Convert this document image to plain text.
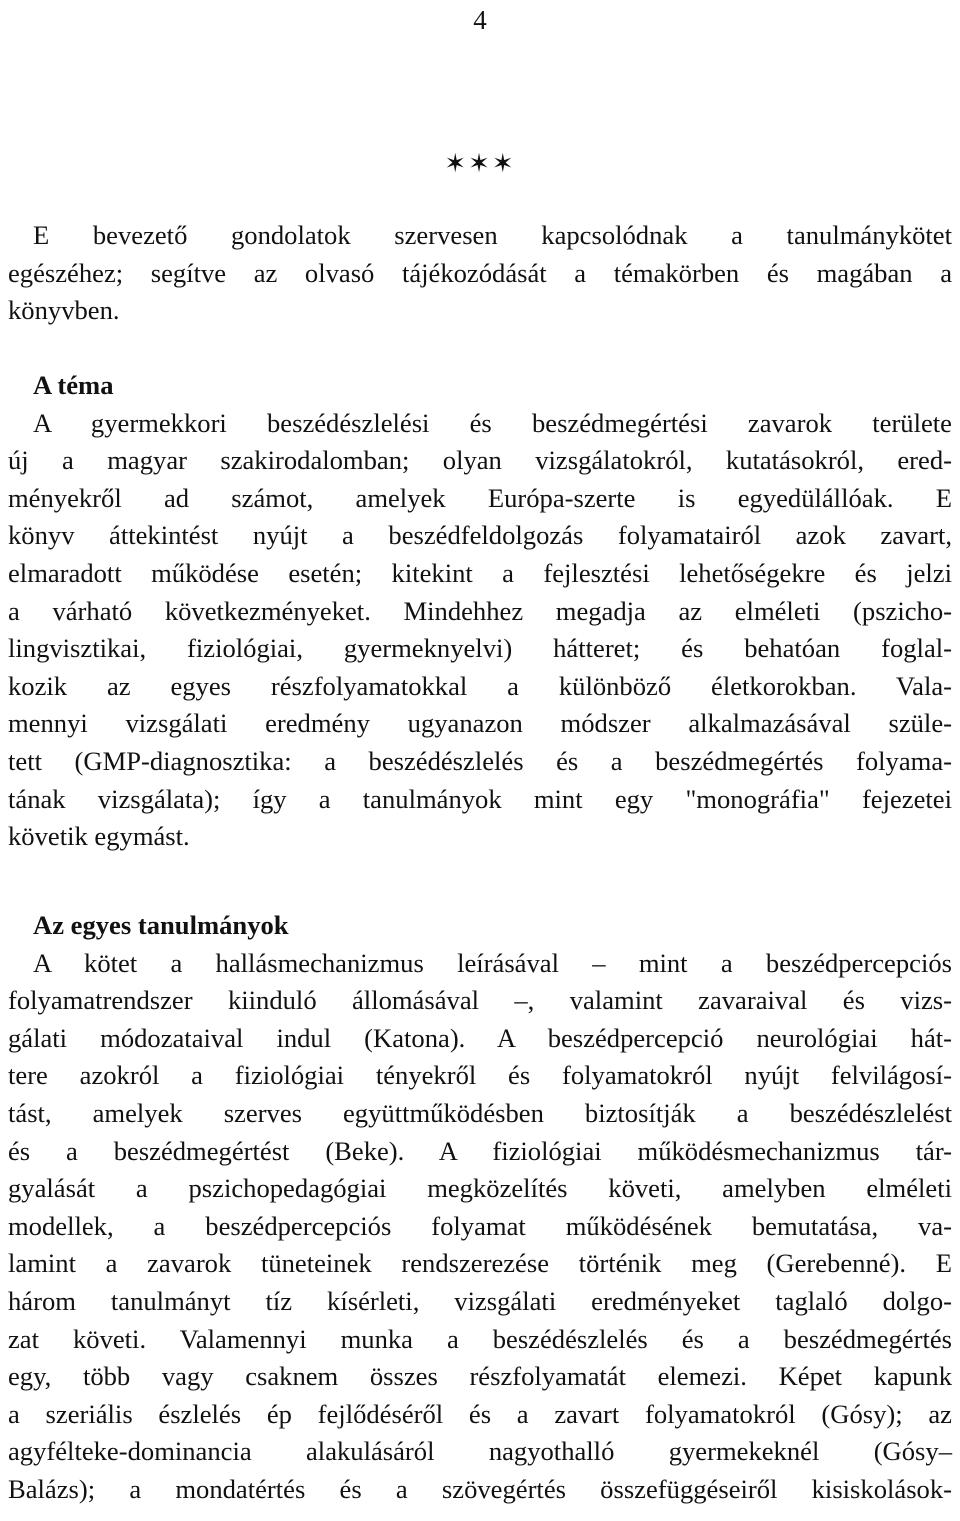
4
✶✶✶
E bevezető gondolatok szervesen kapcsolódnak a tanulmánykötet
egészéhez; segítve az olvasó tájékozódását a témakörben és magában a
könyvben.
A téma
A gyermekkori beszédészlelési és beszédmegértési zavarok területe
új a magyar szakirodalomban; olyan vizsgálatokról, kutatásokról, ered-
ményekről ad számot, amelyek Európa-szerte is egyedülállóak. E
könyv áttekintést nyújt a beszédfeldolgozás folyamatairól azok zavart,
elmaradott működése esetén; kitekint a fejlesztési lehetőségekre és jelzi
a várható következményeket. Mindehhez megadja az elméleti (pszicho-
lingvisztikai, fiziológiai, gyermeknyelvi) hátteret; és behatóan foglal-
kozik az egyes részfolyamatokkal a különböző életkorokban. Vala-
mennyi vizsgálati eredmény ugyanazon módszer alkalmazásával szüle-
tett (GMP-diagnosztika: a beszédészlelés és a beszédmegértés folyama-
tának vizsgálata); így a tanulmányok mint egy "monográfia" fejezetei
követik egymást.
Az egyes tanulmányok
A kötet a hallásmechanizmus leírásával – mint a beszédpercepciós
folyamatrendszer kiinduló állomásával –, valamint zavaraival és vizs-
gálati módozataival indul (Katona). A beszédpercepció neurológiai hát-
tere azokról a fiziológiai tényekről és folyamatokról nyújt felvilágosí-
tást, amelyek szerves együttműködésben biztosítják a beszédészlelést
és a beszédmegértést (Beke). A fiziológiai működésmechanizmus tár-
gyalását a pszichopedagógiai megközelítés követi, amelyben elméleti
modellek, a beszédpercepciós folyamat működésének bemutatása, va-
lamint a zavarok tüneteinek rendszerezése történik meg (Gerebenné). E
három tanulmányt tíz kísérleti, vizsgálati eredményeket taglaló dolgo-
zat követi. Valamennyi munka a beszédészlelés és a beszédmegértés
egy, több vagy csaknem összes részfolyamatát elemezi. Képet kapunk
a szeriális észlelés ép fejlődéséről és a zavart folyamatokról (Gósy); az
agyfélteke-dominancia alakulásáról nagyothalló gyermekeknél (Gósy–
Balázs); a mondatértés és a szövegértés összefüggéseiről kisiskolások-
